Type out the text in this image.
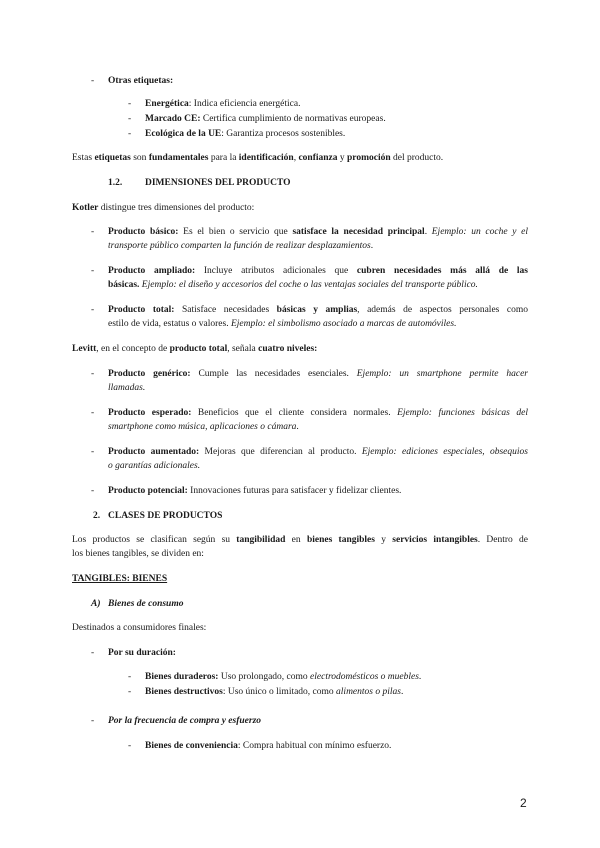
- Otras etiquetas:
- Energética: Indica eficiencia energética.
- Marcado CE: Certifica cumplimiento de normativas europeas.
- Ecológica de la UE: Garantiza procesos sostenibles.
Estas etiquetas son fundamentales para la identificación, confianza y promoción del producto.
1.2. DIMENSIONES DEL PRODUCTO
Kotler distingue tres dimensiones del producto:
- Producto básico: Es el bien o servicio que satisface la necesidad principal. Ejemplo: un coche y el
transporte público comparten la función de realizar desplazamientos.
- Producto ampliado: Incluye atributos adicionales que cubren necesidades más allá de las
básicas. Ejemplo: el diseño y accesorios del coche o las ventajas sociales del transporte público.
- Producto total: Satisface necesidades básicas y amplias, además de aspectos personales como
estilo de vida, estatus o valores. Ejemplo: el simbolismo asociado a marcas de automóviles.
Levitt, en el concepto de producto total, señala cuatro niveles:
- Producto genérico: Cumple las necesidades esenciales. Ejemplo: un smartphone permite hacer
llamadas.
- Producto esperado: Beneficios que el cliente considera normales. Ejemplo: funciones básicas del
smartphone como música, aplicaciones o cámara.
- Producto aumentado: Mejoras que diferencian al producto. Ejemplo: ediciones especiales, obsequios
o garantías adicionales.
- Producto potencial: Innovaciones futuras para satisfacer y fidelizar clientes.
2. CLASES DE PRODUCTOS
Los productos se clasifican según su tangibilidad en bienes tangibles y servicios intangibles. Dentro de
los bienes tangibles, se dividen en:
TANGIBLES: BIENES
A) Bienes de consumo
Destinados a consumidores finales:
- Por su duración:
- Bienes duraderos: Uso prolongado, como electrodomésticos o muebles.
- Bienes destructivos: Uso único o limitado, como alimentos o pilas.
- Por la frecuencia de compra y esfuerzo
- Bienes de conveniencia: Compra habitual con mínimo esfuerzo.
2
